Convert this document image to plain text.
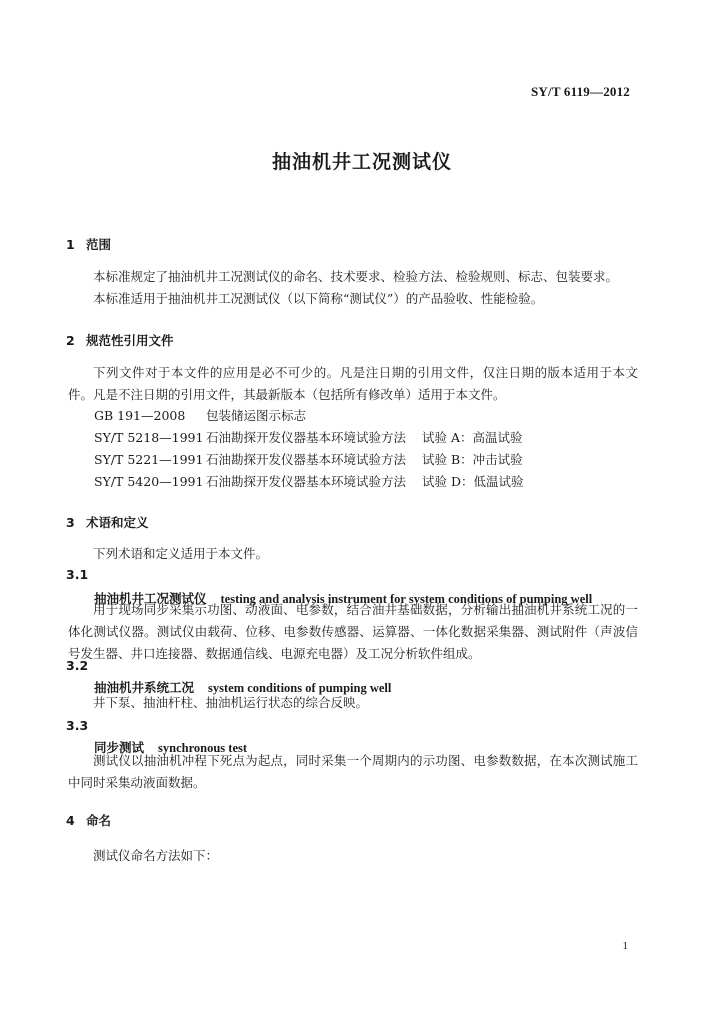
SY/T 6119—2012
抽油机井工况测试仪
1 范围

本标准规定了抽油机井工况测试仪的命名、技术要求、检验方法、检验规则、标志、包装要求。

本标准适用于抽油机井工况测试仪（以下简称“测试仪”）的产品验收、性能检验。

2 规范性引用文件

下列文件对于本文件的应用是必不可少的。凡是注日期的引用文件，仅注日期的版本适用于本文件。凡是不注日期的引用文件，其最新版本（包括所有修改单）适用于本文件。

GB 191—2008 包装储运图示标志
SY/T 5218—1991 石油勘探开发仪器基本环境试验方法 试验 A：高温试验
SY/T 5221—1991 石油勘探开发仪器基本环境试验方法 试验 B：冲击试验
SY/T 5420—1991 石油勘探开发仪器基本环境试验方法 试验 D：低温试验
3 术语和定义

下列术语和定义适用于本文件。

3.1
抽油机井工况测试仪 testing and analysis instrument for system conditions of pumping well

用于现场同步采集示功图、动液面、电参数，结合油井基础数据，分析输出抽油机井系统工况的一体化测试仪器。测试仪由载荷、位移、电参数传感器、运算器、一体化数据采集器、测试附件（声波信号发生器、井口连接器、数据通信线、电源充电器）及工况分析软件组成。

3.2
抽油机井系统工况 system conditions of pumping well

井下泵、抽油杆柱、抽油机运行状态的综合反映。

3.3
同步测试 synchronous test

测试仪以抽油机冲程下死点为起点，同时采集一个周期内的示功图、电参数数据，在本次测试施工中同时采集动液面数据。

4 命名

测试仪命名方法如下：

1
